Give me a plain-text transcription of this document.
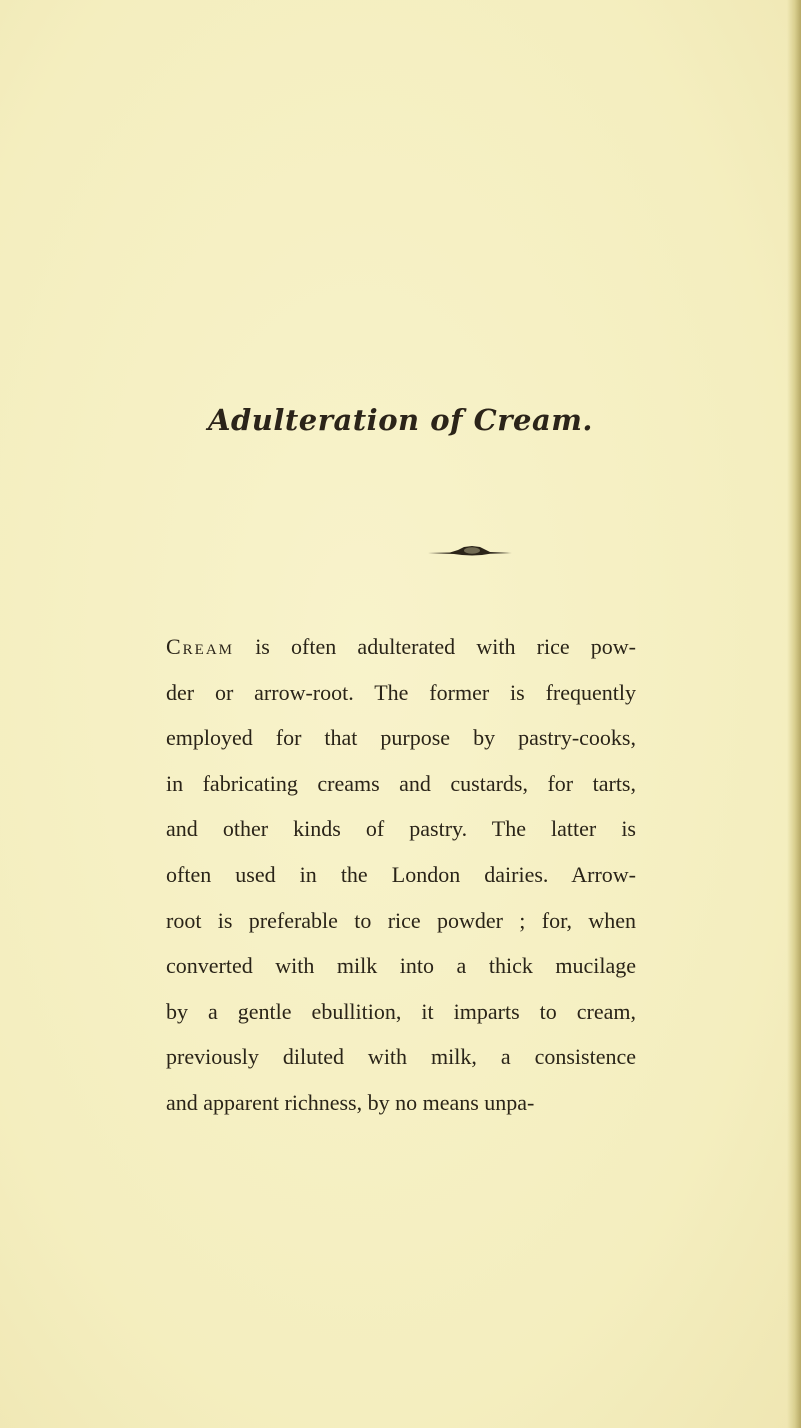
Adulteration of Cream.
Cream is often adulterated with rice pow-
der or arrow-root. The former is frequently
employed for that purpose by pastry-cooks,
in fabricating creams and custards, for tarts,
and other kinds of pastry. The latter is
often used in the London dairies. Arrow-
root is preferable to rice powder ; for, when
converted with milk into a thick mucilage
by a gentle ebullition, it imparts to cream,
previously diluted with milk, a consistence
and apparent richness, by no means unpa-
